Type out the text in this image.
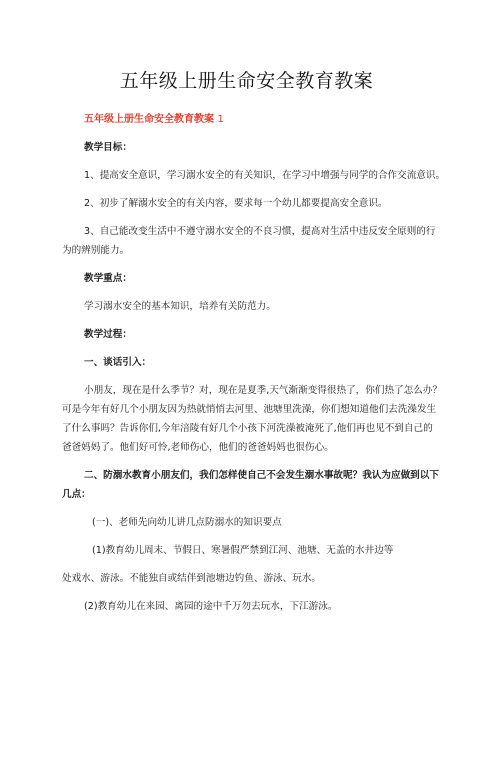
五年级上册生命安全教育教案
五年级上册生命安全教育教案 1

教学目标：

1、提高安全意识，学习溺水安全的有关知识，在学习中增强与同学的合作交流意识。

2、初步了解溺水安全的有关内容，要求每一个幼儿都要提高安全意识。

3、自己能改变生活中不遵守溺水安全的不良习惯，提高对生活中违反安全原则的行

为的辨别能力。

教学重点：

学习溺水安全的基本知识，培养有关防范力。

教学过程：

一、谈话引入：

小朋友，现在是什么季节？对，现在是夏季,天气渐渐变得很热了，你们热了怎么办？

可是今年有好几个小朋友因为热就悄悄去河里、池塘里洗澡，你们想知道他们去洗澡发生

了什么事吗？告诉你们,今年涪陵有好几个小孩下河洗澡被淹死了,他们再也见不到自己的

爸爸妈妈了。他们好可怜,老师伤心，他们的爸爸妈妈也很伤心。

二、防溺水教育小朋友们，我们怎样使自己不会发生溺水事故呢？我认为应做到以下

几点：

(一)、老师先向幼儿讲几点防溺水的知识要点

(1)教育幼儿周末、节假日、寒暑假严禁到江河、池塘、无盖的水井边等

处戏水、游泳。不能独自或结伴到池塘边钓鱼、游泳、玩水。

(2)教育幼儿在来园、离园的途中千万勿去玩水，下江游泳。
